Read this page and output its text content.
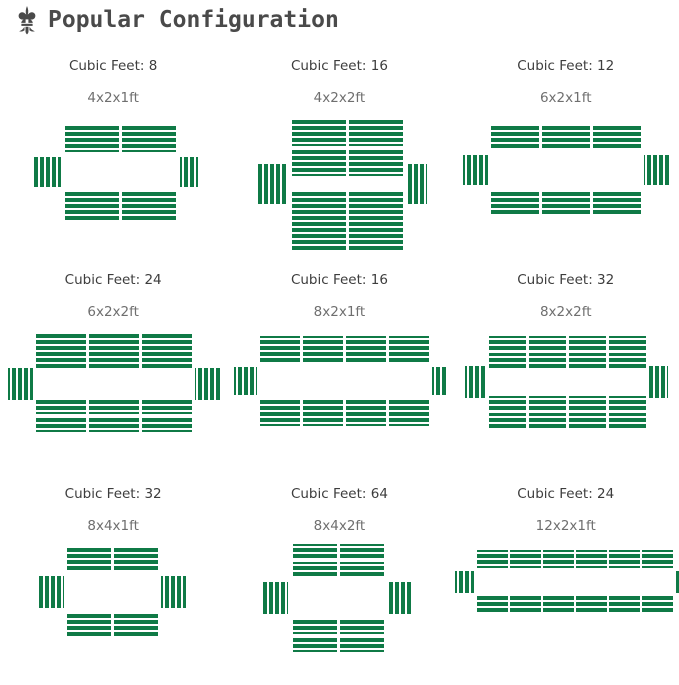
Popular Configuration
Cubic Feet: 8
4x2x1ft
Cubic Feet: 16
4x2x2ft
Cubic Feet: 12
6x2x1ft
Cubic Feet: 24
6x2x2ft
Cubic Feet: 16
8x2x1ft
Cubic Feet: 32
8x2x2ft
Cubic Feet: 32
8x4x1ft
Cubic Feet: 64
8x4x2ft
Cubic Feet: 24
12x2x1ft
